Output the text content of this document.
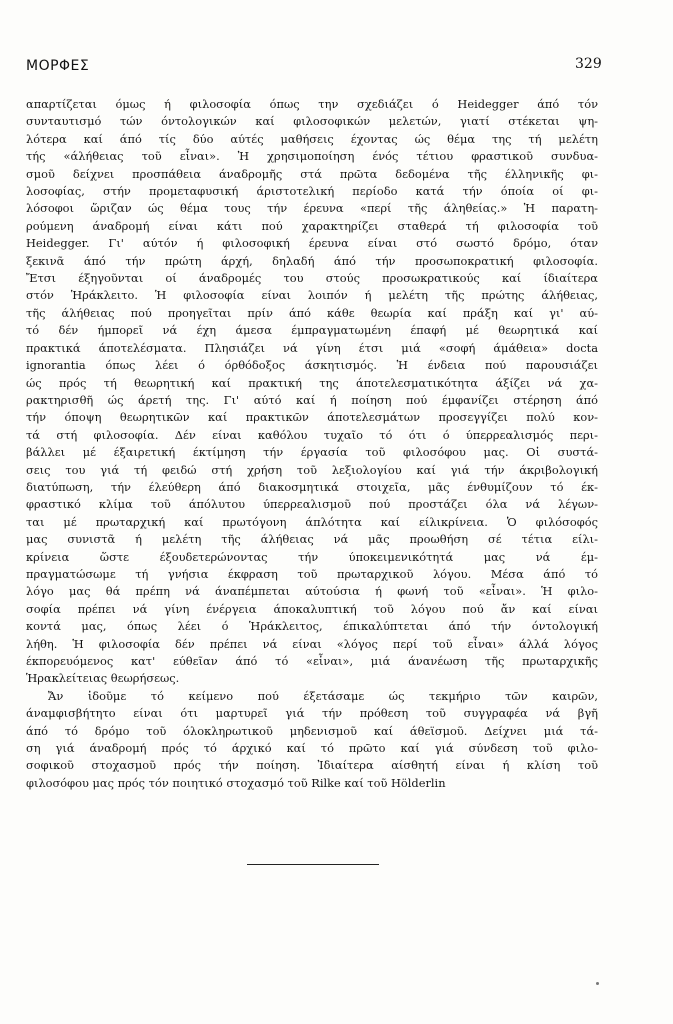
ΜΟΡΦΕΣ	329
απαρτίζεται όμως ή φιλοσοφία όπως την σχεδιάζει ό Heidegger άπό τόν
συνταυτισμό τών όντολογικών καί φιλοσοφικών μελετών, γιατί στέκεται ψη-
λότερα καί άπό τίς δύο αύτές μαθήσεις έχοντας ώς θέμα της τή μελέτη
τής «άλήθειας τοῦ εἶναι». Ἡ χρησιμοποίηση ένός τέτιου φραστικοῦ συνδυα-
σμοῦ δείχνει προσπάθεια άναδρομῆς στά πρῶτα δεδομένα τῆς έλληνικῆς φι-
λοσοφίας, στήν προμεταφυσική άριστοτελική περίοδο κατά τήν όποία οί φι-
λόσοφοι ὥριζαν ώς θέμα τους τήν έρευνα «περί τῆς άληθείας.» Ἡ παρατη-
ρούμενη άναδρομή είναι κάτι πού χαρακτηρίζει σταθερά τή φιλοσοφία τοῦ
Heidegger. Γι' αύτόν ή φιλοσοφική έρευνα είναι στό σωστό δρόμο, όταν
ξεκινᾶ άπό τήν πρώτη άρχή, δηλαδή άπό τήν προσωποκρατική φιλοσοφία.
Ἔτσι έξηγοῦνται οί άναδρομές του στούς προσωκρατικούς καί ίδιαίτερα
στόν Ἡράκλειτο. Ἡ φιλοσοφία είναι λοιπόν ή μελέτη τῆς πρώτης άλήθειας,
τῆς άλήθειας πού προηγεῖται πρίν άπό κάθε θεωρία καί πράξη καί γι' αύ-
τό δέν ήμπορεῖ νά έχη άμεσα έμπραγματωμένη έπαφή μέ θεωρητικά καί
πρακτικά άποτελέσματα. Πλησιάζει νά γίνη έτσι μιά «σοφή άμάθεια» docta
ignorantia όπως λέει ό όρθόδοξος άσκητισμός. Ἡ ένδεια πού παρουσιάζει
ώς πρός τή θεωρητική καί πρακτική της άποτελεσματικότητα άξίζει νά χα-
ρακτηρισθῆ ώς άρετή της. Γι' αύτό καί ή ποίηση πού έμφανίζει στέρηση άπό
τήν όποψη θεωρητικῶν καί πρακτικῶν άποτελεσμάτων προσεγγίζει πολύ κον-
τά στή φιλοσοφία. Δέν είναι καθόλου τυχαῖο τό ότι ό ύπερρεαλισμός περι-
βάλλει μέ έξαιρετική έκτίμηση τήν έργασία τοῦ φιλοσόφου μας. Οἱ συστά-
σεις του γιά τή φειδώ στή χρήση τοῦ λεξιολογίου καί γιά τήν άκριβολογική
διατύπωση, τήν έλεύθερη άπό διακοσμητικά στοιχεῖα, μᾶς ένθυμίζουν τό έκ-
φραστικό κλίμα τοῦ άπόλυτου ύπερρεαλισμοῦ πού προστάζει όλα νά λέγων-
ται μέ πρωταρχική καί πρωτόγονη άπλότητα καί είλικρίνεια. Ὁ φιλόσοφός
μας συνιστᾶ ή μελέτη τῆς άλήθειας νά μᾶς προωθήση σέ τέτια είλι-
κρίνεια ὥστε έξουδετερώνοντας τήν ύποκειμενικότητά μας νά έμ-
πραγματώσωμε τή γνήσια έκφραση τοῦ πρωταρχικοῦ λόγου. Μέσα άπό τό
λόγο μας θά πρέπη νά άναπέμπεται αύτούσια ή φωνή τοῦ «εἶναι». Ἡ φιλο-
σοφία πρέπει νά γίνη ένέργεια άποκαλυπτική τοῦ λόγου πού ἄν καί είναι
κοντά μας, όπως λέει ό Ἡράκλειτος, έπικαλύπτεται άπό τήν όντολογική
λήθη. Ἡ φιλοσοφία δέν πρέπει νά είναι «λόγος περί τοῦ εἶναι» άλλά λόγος
έκπορευόμενος κατ' εύθεῖαν άπό τό «εἶναι», μιά άνανέωση τῆς πρωταρχικῆς
Ἡρακλείτειας θεωρήσεως.
Ἄν ἰδοῦμε τό κείμενο πού έξετάσαμε ώς τεκμήριο τῶν καιρῶν,
άναμφισβήτητο είναι ότι μαρτυρεῖ γιά τήν πρόθεση τοῦ συγγραφέα νά βγῆ
άπό τό δρόμο τοῦ όλοκληρωτικοῦ μηδενισμοῦ καί άθεϊσμοῦ. Δείχνει μιά τά-
ση γιά άναδρομή πρός τό άρχικό καί τό πρῶτο καί γιά σύνδεση τοῦ φιλο-
σοφικοῦ στοχασμοῦ πρός τήν ποίηση. Ἰδιαίτερα αίσθητή είναι ή κλίση τοῦ
φιλοσόφου μας πρός τόν ποιητικό στοχασμό τοῦ Rilke καί τοῦ Hölderlin
